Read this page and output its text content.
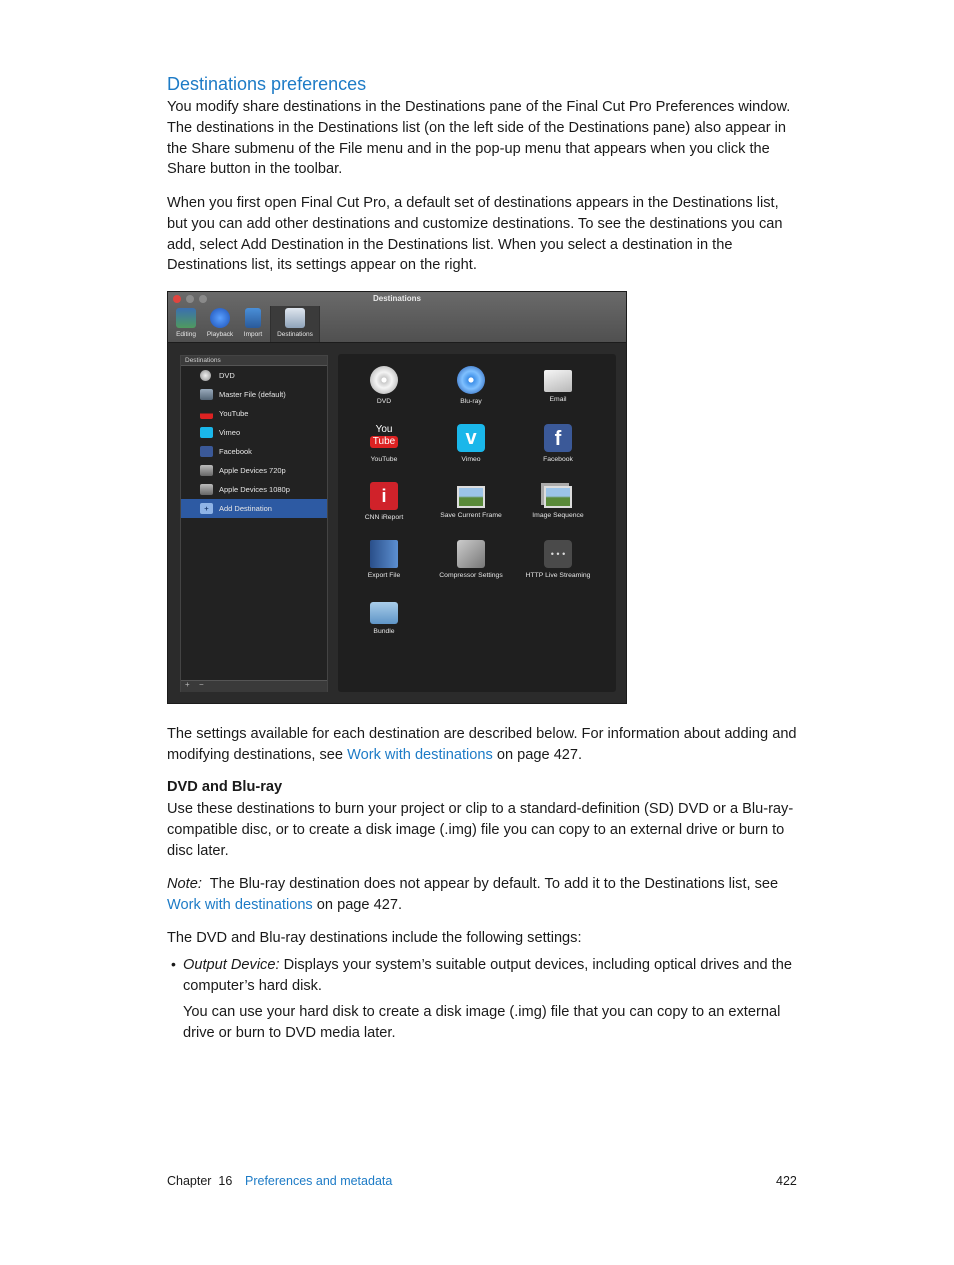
Destinations preferences

You modify share destinations in the Destinations pane of the Final Cut Pro Preferences window. The destinations in the Destinations list (on the left side of the Destinations pane) also appear in the Share submenu of the File menu and in the pop-up menu that appears when you click the Share button in the toolbar.

When you first open Final Cut Pro, a default set of destinations appears in the Destinations list, but you can add other destinations and customize destinations. To see the destinations you can add, select Add Destination in the Destinations list. When you select a destination in the Destinations list, its settings appear on the right.

Destinations
Editing	Playback	Import	Destinations
Destinations
DVD
Master File (default)
YouTube
Vimeo
Facebook
Apple Devices 720p
Apple Devices 1080p
+	Add Destination
+ −
DVD	Blu-ray	Email
You
Tube
YouTube
v
Vimeo
f
Facebook
i
CNN iReport	Save Current Frame	Image Sequence
Export File	Compressor Settings
• • •
HTTP Live Streaming
Bundle

The settings available for each destination are described below. For information about adding and modifying destinations, see Work with destinations on page 427.

DVD and Blu-ray

Use these destinations to burn your project or clip to a standard-definition (SD) DVD or a Blu-ray-compatible disc, or to create a disk image (.img) file you can copy to an external drive or burn to disc later.

Note:  The Blu-ray destination does not appear by default. To add it to the Destinations list, see Work with destinations on page 427.

The DVD and Blu-ray destinations include the following settings:

• Output Device: Displays your system’s suitable output devices, including optical drives and the computer’s hard disk.

You can use your hard disk to create a disk image (.img) file that you can copy to an external drive or burn to DVD media later.

Chapter  16 Preferences and metadata	422
